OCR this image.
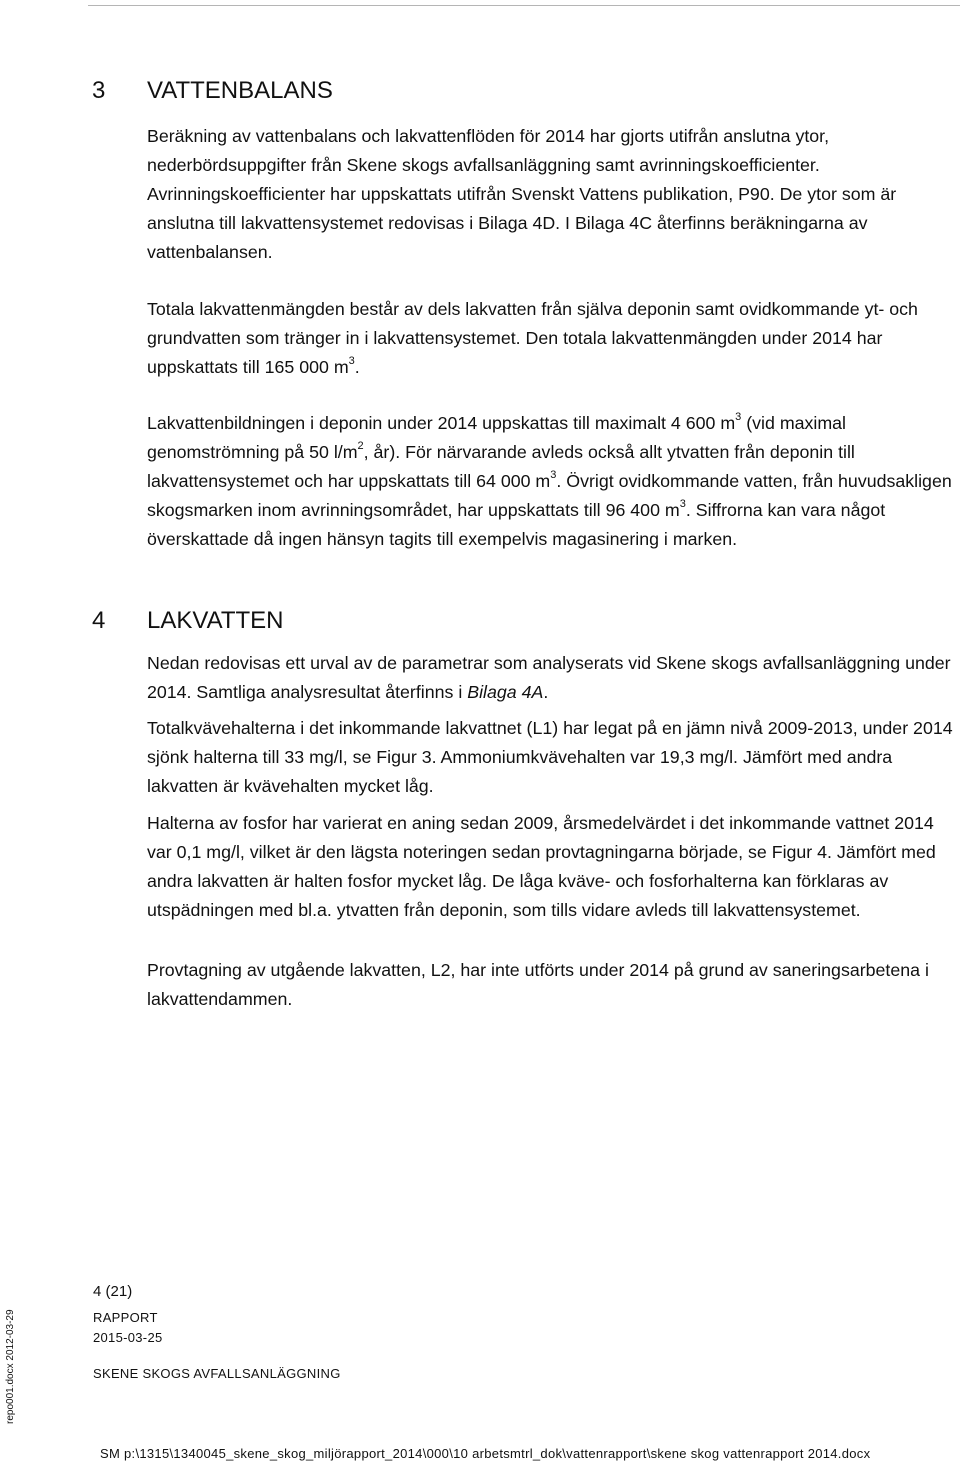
3 VATTENBALANS

Beräkning av vattenbalans och lakvattenflöden för 2014 har gjorts utifrån anslutna ytor, nederbördsuppgifter från Skene skogs avfallsanläggning samt avrinningskoefficienter. Avrinningskoefficienter har uppskattats utifrån Svenskt Vattens publikation, P90. De ytor som är anslutna till lakvattensystemet redovisas i Bilaga 4D. I Bilaga 4C återfinns beräkningarna av vattenbalansen.

Totala lakvattenmängden består av dels lakvatten från själva deponin samt ovidkommande yt- och grundvatten som tränger in i lakvattensystemet. Den totala lakvattenmängden under 2014 har uppskattats till 165 000 $m^3$.

Lakvattenbildningen i deponin under 2014 uppskattas till maximalt 4 600 $m^3$ (vid maximal genomströmning på 50 $l/m^2$, år). För närvarande avleds också allt ytvatten från deponin till lakvattensystemet och har uppskattats till 64 000 $m^3$. Övrigt ovidkommande vatten, från huvudsakligen skogsmarken inom avrinningsområdet, har uppskattats till 96 400 $m^3$. Siffrorna kan vara något överskattade då ingen hänsyn tagits till exempelvis magasinering i marken.

4 LAKVATTEN

Nedan redovisas ett urval av de parametrar som analyserats vid Skene skogs avfallsanläggning under 2014. Samtliga analysresultat återfinns i Bilaga 4A.

Totalkvävehalterna i det inkommande lakvattnet (L1) har legat på en jämn nivå 2009-2013, under 2014 sjönk halterna till 33 mg/l, se Figur 3. Ammoniumkvävehalten var 19,3 mg/l. Jämfört med andra lakvatten är kvävehalten mycket låg.

Halterna av fosfor har varierat en aning sedan 2009, årsmedelvärdet i det inkommande vattnet 2014 var 0,1 mg/l, vilket är den lägsta noteringen sedan provtagningarna började, se Figur 4. Jämfört med andra lakvatten är halten fosfor mycket låg. De låga kväve- och fosforhalterna kan förklaras av utspädningen med bl.a. ytvatten från deponin, som tills vidare avleds till lakvattensystemet.

Provtagning av utgående lakvatten, L2, har inte utförts under 2014 på grund av saneringsarbetena i lakvattendammen.

4 (21)
RAPPORT
2015-03-25
SKENE SKOGS AVFALLSANLÄGGNING
SM p:\1315\1340045_skene_skog_miljörapport_2014\000\10 arbetsmtrl_dok\vattenrapport\skene skog vattenrapport 2014.docx
repo001.docx 2012-03-29
